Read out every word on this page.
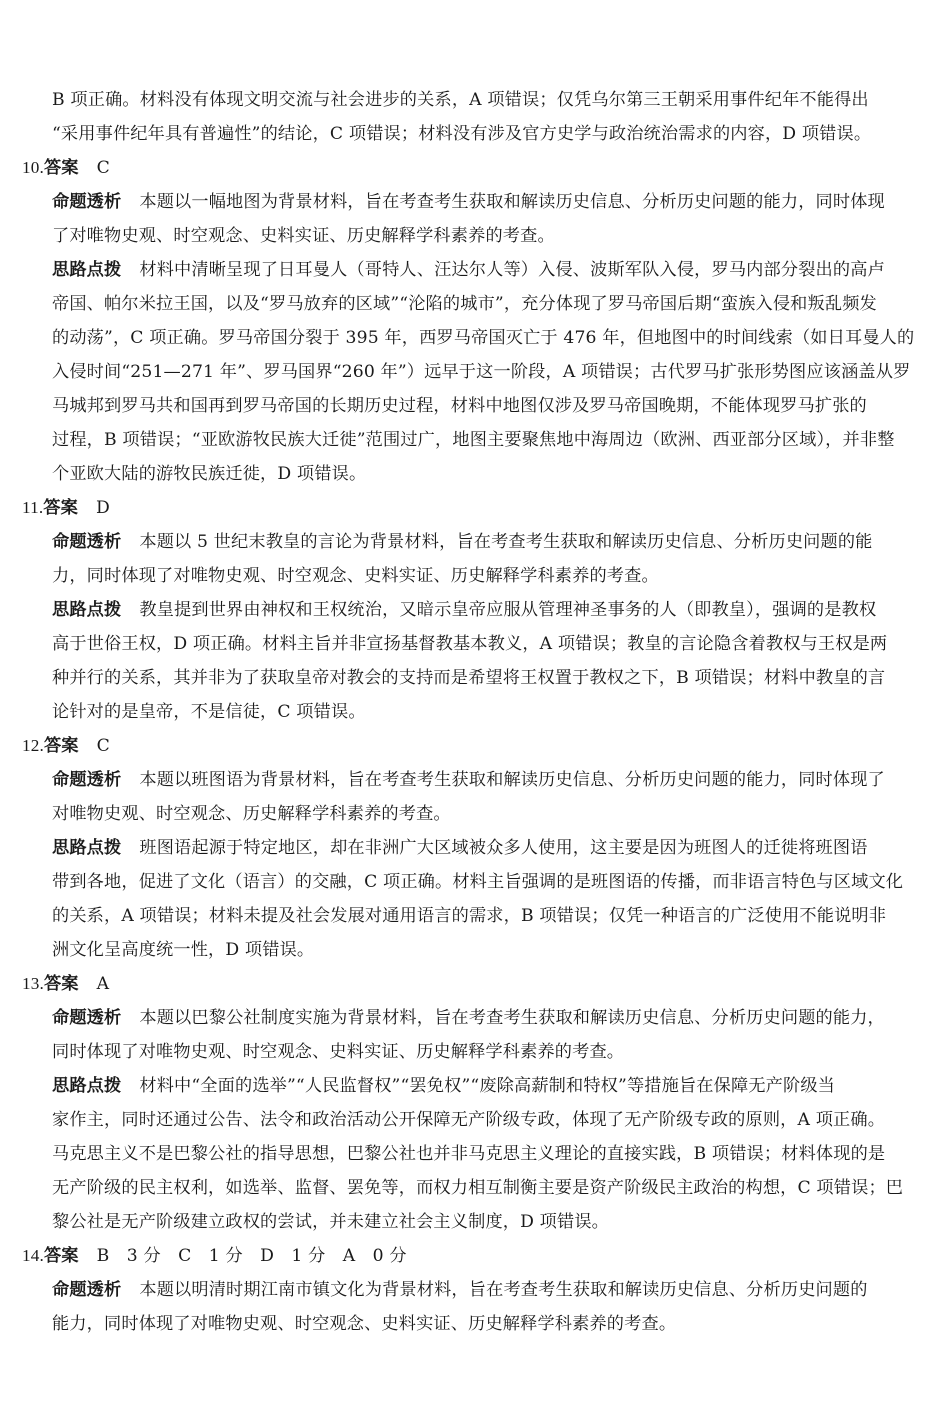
B 项正确。材料没有体现文明交流与社会进步的关系，A 项错误；仅凭乌尔第三王朝采用事件纪年不能得出
“采用事件纪年具有普遍性”的结论，C 项错误；材料没有涉及官方史学与政治统治需求的内容，D 项错误。
10.答案 C
命题透析 本题以一幅地图为背景材料，旨在考查考生获取和解读历史信息、分析历史问题的能力，同时体现
了对唯物史观、时空观念、史料实证、历史解释学科素养的考查。
思路点拨 材料中清晰呈现了日耳曼人（哥特人、汪达尔人等）入侵、波斯军队入侵，罗马内部分裂出的高卢
帝国、帕尔米拉王国，以及“罗马放弃的区域”“沦陷的城市”，充分体现了罗马帝国后期“蛮族入侵和叛乱频发
的动荡”，C 项正确。罗马帝国分裂于 395 年，西罗马帝国灭亡于 476 年，但地图中的时间线索（如日耳曼人的
入侵时间“251—271 年”、罗马国界“260 年”）远早于这一阶段，A 项错误；古代罗马扩张形势图应该涵盖从罗
马城邦到罗马共和国再到罗马帝国的长期历史过程，材料中地图仅涉及罗马帝国晚期，不能体现罗马扩张的
过程，B 项错误；“亚欧游牧民族大迁徙”范围过广，地图主要聚焦地中海周边（欧洲、西亚部分区域），并非整
个亚欧大陆的游牧民族迁徙，D 项错误。
11.答案 D
命题透析 本题以 5 世纪末教皇的言论为背景材料，旨在考查考生获取和解读历史信息、分析历史问题的能
力，同时体现了对唯物史观、时空观念、史料实证、历史解释学科素养的考查。
思路点拨 教皇提到世界由神权和王权统治，又暗示皇帝应服从管理神圣事务的人（即教皇），强调的是教权
高于世俗王权，D 项正确。材料主旨并非宣扬基督教基本教义，A 项错误；教皇的言论隐含着教权与王权是两
种并行的关系，其并非为了获取皇帝对教会的支持而是希望将王权置于教权之下，B 项错误；材料中教皇的言
论针对的是皇帝，不是信徒，C 项错误。
12.答案 C
命题透析 本题以班图语为背景材料，旨在考查考生获取和解读历史信息、分析历史问题的能力，同时体现了
对唯物史观、时空观念、历史解释学科素养的考查。
思路点拨 班图语起源于特定地区，却在非洲广大区域被众多人使用，这主要是因为班图人的迁徙将班图语
带到各地，促进了文化（语言）的交融，C 项正确。材料主旨强调的是班图语的传播，而非语言特色与区域文化
的关系，A 项错误；材料未提及社会发展对通用语言的需求，B 项错误；仅凭一种语言的广泛使用不能说明非
洲文化呈高度统一性，D 项错误。
13.答案 A
命题透析 本题以巴黎公社制度实施为背景材料，旨在考查考生获取和解读历史信息、分析历史问题的能力，
同时体现了对唯物史观、时空观念、史料实证、历史解释学科素养的考查。
思路点拨 材料中“全面的选举”“人民监督权”“罢免权”“废除高薪制和特权”等措施旨在保障无产阶级当
家作主，同时还通过公告、法令和政治活动公开保障无产阶级专政，体现了无产阶级专政的原则，A 项正确。
马克思主义不是巴黎公社的指导思想，巴黎公社也并非马克思主义理论的直接实践，B 项错误；材料体现的是
无产阶级的民主权利，如选举、监督、罢免等，而权力相互制衡主要是资产阶级民主政治的构想，C 项错误；巴
黎公社是无产阶级建立政权的尝试，并未建立社会主义制度，D 项错误。
14.答案 B　3 分　C　1 分　D　1 分　A　0 分
命题透析 本题以明清时期江南市镇文化为背景材料，旨在考查考生获取和解读历史信息、分析历史问题的
能力，同时体现了对唯物史观、时空观念、史料实证、历史解释学科素养的考查。
